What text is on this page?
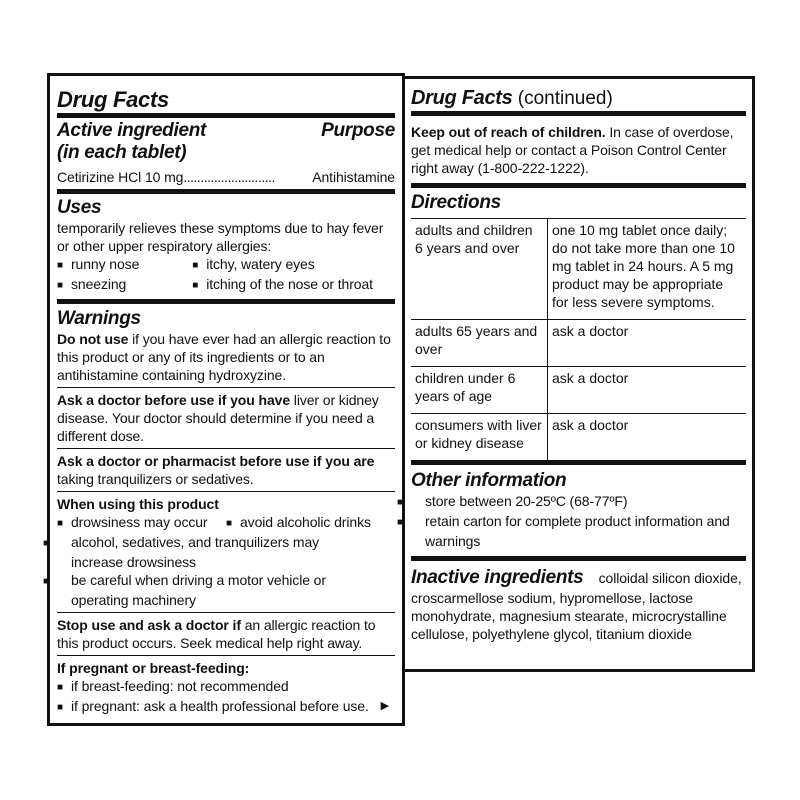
Drug Facts
Active ingredient	Purpose
(in each tablet)
Cetirizine HCl 10 mg...........................	Antihistamine
Uses
temporarily relieves these symptoms due to hay fever or other upper respiratory allergies:
■ runny nose
■ sneezing
■ itchy, watery eyes
■ itching of the nose or throat
Warnings
Do not use if you have ever had an allergic reaction to this product or any of its ingredients or to an antihistamine containing hydroxyzine.
Ask a doctor before use if you have liver or kidney disease. Your doctor should determine if you need a different dose.
Ask a doctor or pharmacist before use if you are taking tranquilizers or sedatives.
When using this product
■ drowsiness may occur	■ avoid alcoholic drinks
■ alcohol, sedatives, and tranquilizers may increase drowsiness
■ be careful when driving a motor vehicle or operating machinery
Stop use and ask a doctor if an allergic reaction to this product occurs. Seek medical help right away.
If pregnant or breast-feeding:
■ if breast-feeding: not recommended
■ if pregnant: ask a health professional before use. ▶
Drug Facts (continued)
Keep out of reach of children. In case of overdose, get medical help or contact a Poison Control Center right away (1-800-222-1222).
Directions
adults and children 6 years and over	one 10 mg tablet once daily; do not take more than one 10 mg tablet in 24 hours. A 5 mg product may be appropriate for less severe symptoms.
adults 65 years and over	ask a doctor
children under 6 years of age	ask a doctor
consumers with liver or kidney disease	ask a doctor
Other information
■ store between 20-25ºC (68-77ºF)
■ retain carton for complete product information and warnings
Inactive ingredients colloidal silicon dioxide, croscarmellose sodium, hypromellose, lactose monohydrate, magnesium stearate, microcrystalline cellulose, polyethylene glycol, titanium dioxide
